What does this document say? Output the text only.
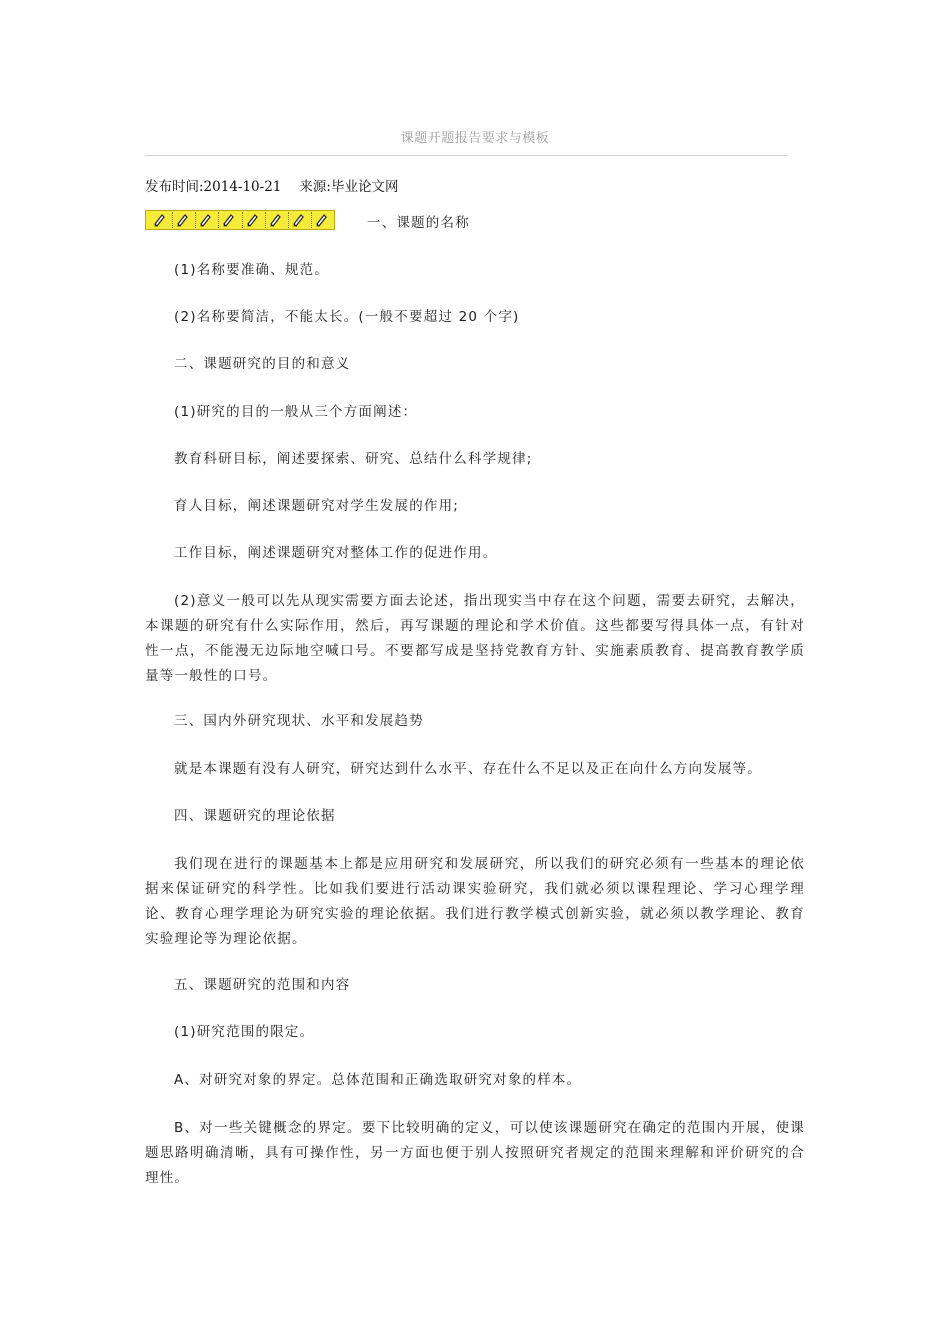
课题开题报告要求与模板
发布时间:2014-10-21 来源:毕业论文网

一、课题的名称

(1)名称要准确、规范。

(2)名称要简洁，不能太长。(一般不要超过 20 个字)

二、课题研究的目的和意义

(1)研究的目的一般从三个方面阐述：

教育科研目标，阐述要探索、研究、总结什么科学规律;

育人目标，阐述课题研究对学生发展的作用;

工作目标，阐述课题研究对整体工作的促进作用。

(2)意义一般可以先从现实需要方面去论述，指出现实当中存在这个问题，需要去研究，去解决，本课题的研究有什么实际作用，然后，再写课题的理论和学术价值。这些都要写得具体一点，有针对性一点，不能漫无边际地空喊口号。不要都写成是坚持党教育方针、实施素质教育、提高教育教学质量等一般性的口号。

三、国内外研究现状、水平和发展趋势

就是本课题有没有人研究，研究达到什么水平、存在什么不足以及正在向什么方向发展等。

四、课题研究的理论依据

我们现在进行的课题基本上都是应用研究和发展研究，所以我们的研究必须有一些基本的理论依据来保证研究的科学性。比如我们要进行活动课实验研究，我们就必须以课程理论、学习心理学理论、教育心理学理论为研究实验的理论依据。我们进行教学模式创新实验，就必须以教学理论、教育实验理论等为理论依据。

五、课题研究的范围和内容

(1)研究范围的限定。

A、对研究对象的界定。总体范围和正确选取研究对象的样本。

B、对一些关键概念的界定。要下比较明确的定义，可以使该课题研究在确定的范围内开展，使课题思路明确清晰，具有可操作性，另一方面也便于别人按照研究者规定的范围来理解和评价研究的合理性。
